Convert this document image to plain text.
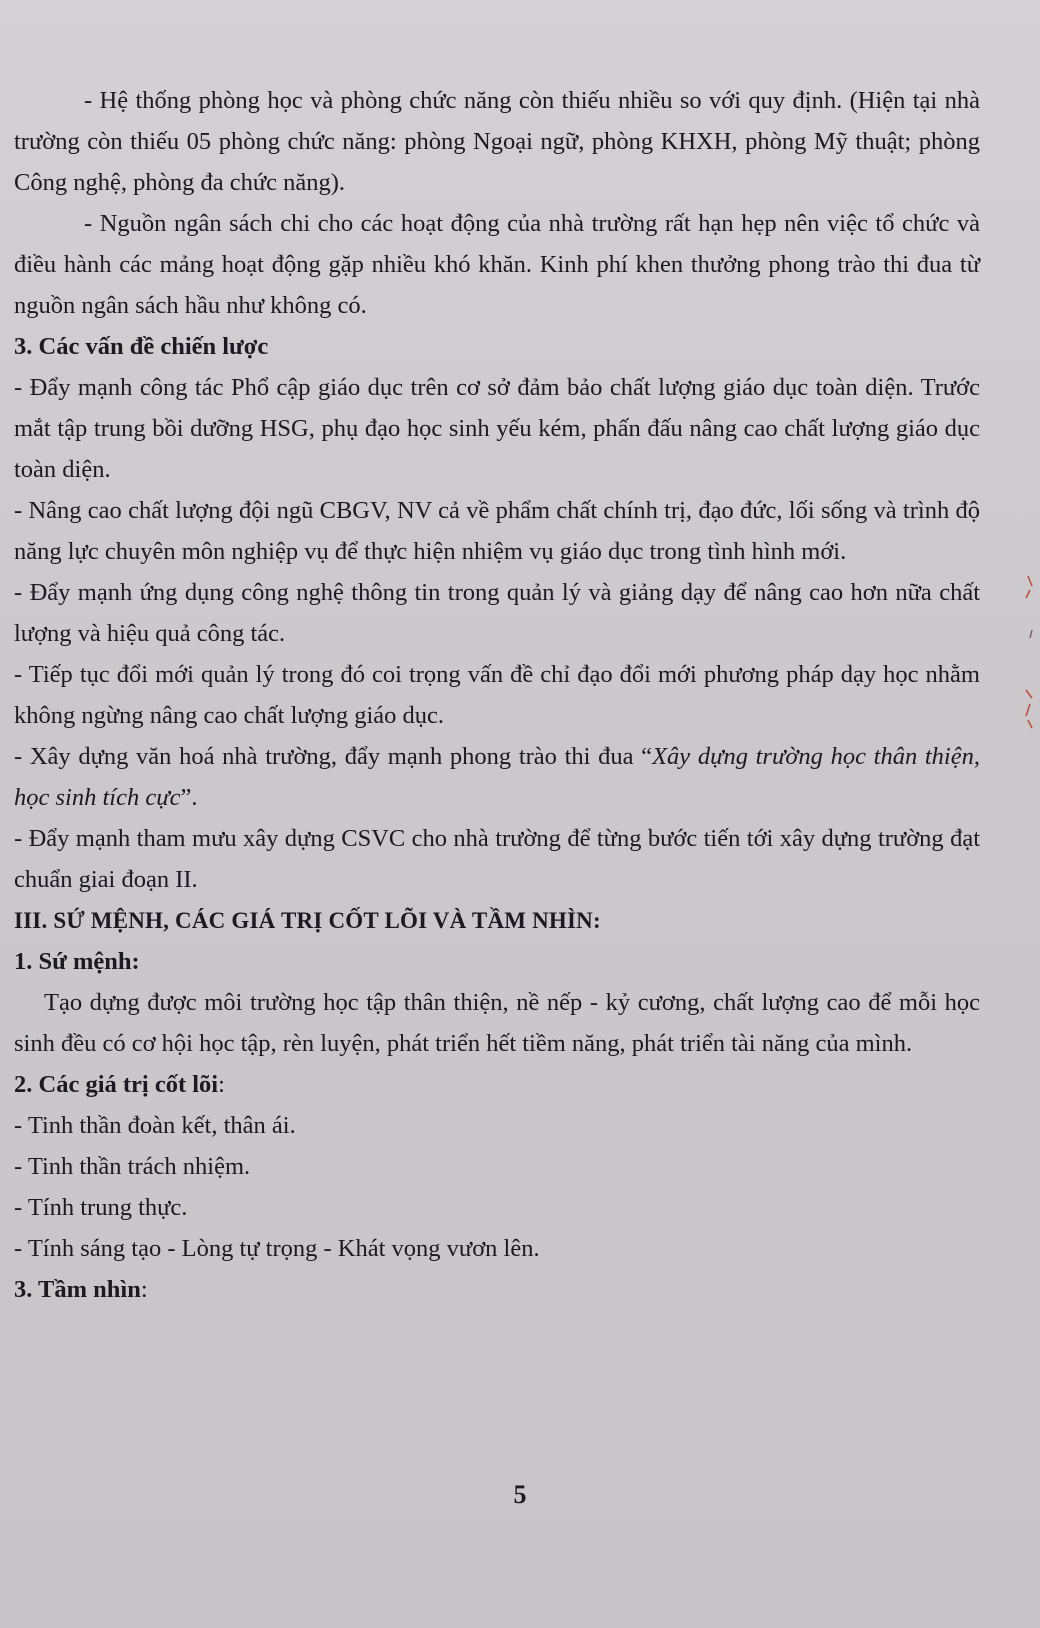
- Hệ thống phòng học và phòng chức năng còn thiếu nhiều so với quy định. (Hiện tại nhà trường còn thiếu 05 phòng chức năng: phòng Ngoại ngữ, phòng KHXH, phòng Mỹ thuật; phòng Công nghệ, phòng đa chức năng).

- Nguồn ngân sách chi cho các hoạt động của nhà trường rất hạn hẹp nên việc tổ chức và điều hành các mảng hoạt động gặp nhiều khó khăn. Kinh phí khen thưởng phong trào thi đua từ nguồn ngân sách hầu như không có.

3. Các vấn đề chiến lược

- Đẩy mạnh công tác Phổ cập giáo dục trên cơ sở đảm bảo chất lượng giáo dục toàn diện. Trước mắt tập trung bồi dưỡng HSG, phụ đạo học sinh yếu kém, phấn đấu nâng cao chất lượng giáo dục toàn diện.

- Nâng cao chất lượng đội ngũ CBGV, NV cả về phẩm chất chính trị, đạo đức, lối sống và trình độ năng lực chuyên môn nghiệp vụ để thực hiện nhiệm vụ giáo dục trong tình hình mới.

- Đẩy mạnh ứng dụng công nghệ thông tin trong quản lý và giảng dạy để nâng cao hơn nữa chất lượng và hiệu quả công tác.

- Tiếp tục đổi mới quản lý trong đó coi trọng vấn đề chỉ đạo đổi mới phương pháp dạy học nhằm không ngừng nâng cao chất lượng giáo dục.

- Xây dựng văn hoá nhà trường, đẩy mạnh phong trào thi đua “Xây dựng trường học thân thiện, học sinh tích cực”.

- Đẩy mạnh tham mưu xây dựng CSVC cho nhà trường để từng bước tiến tới xây dựng trường đạt chuẩn giai đoạn II.

III. SỨ MỆNH, CÁC GIÁ TRỊ CỐT LÕI VÀ TẦM NHÌN:

1. Sứ mệnh:

Tạo dựng được môi trường học tập thân thiện, nề nếp - kỷ cương, chất lượng cao để mỗi học sinh đều có cơ hội học tập, rèn luyện, phát triển hết tiềm năng, phát triển tài năng của mình.

2. Các giá trị cốt lõi:

- Tinh thần đoàn kết, thân ái.

- Tinh thần trách nhiệm.

- Tính trung thực.

- Tính sáng tạo - Lòng tự trọng - Khát vọng vươn lên.

3. Tầm nhìn:

5
